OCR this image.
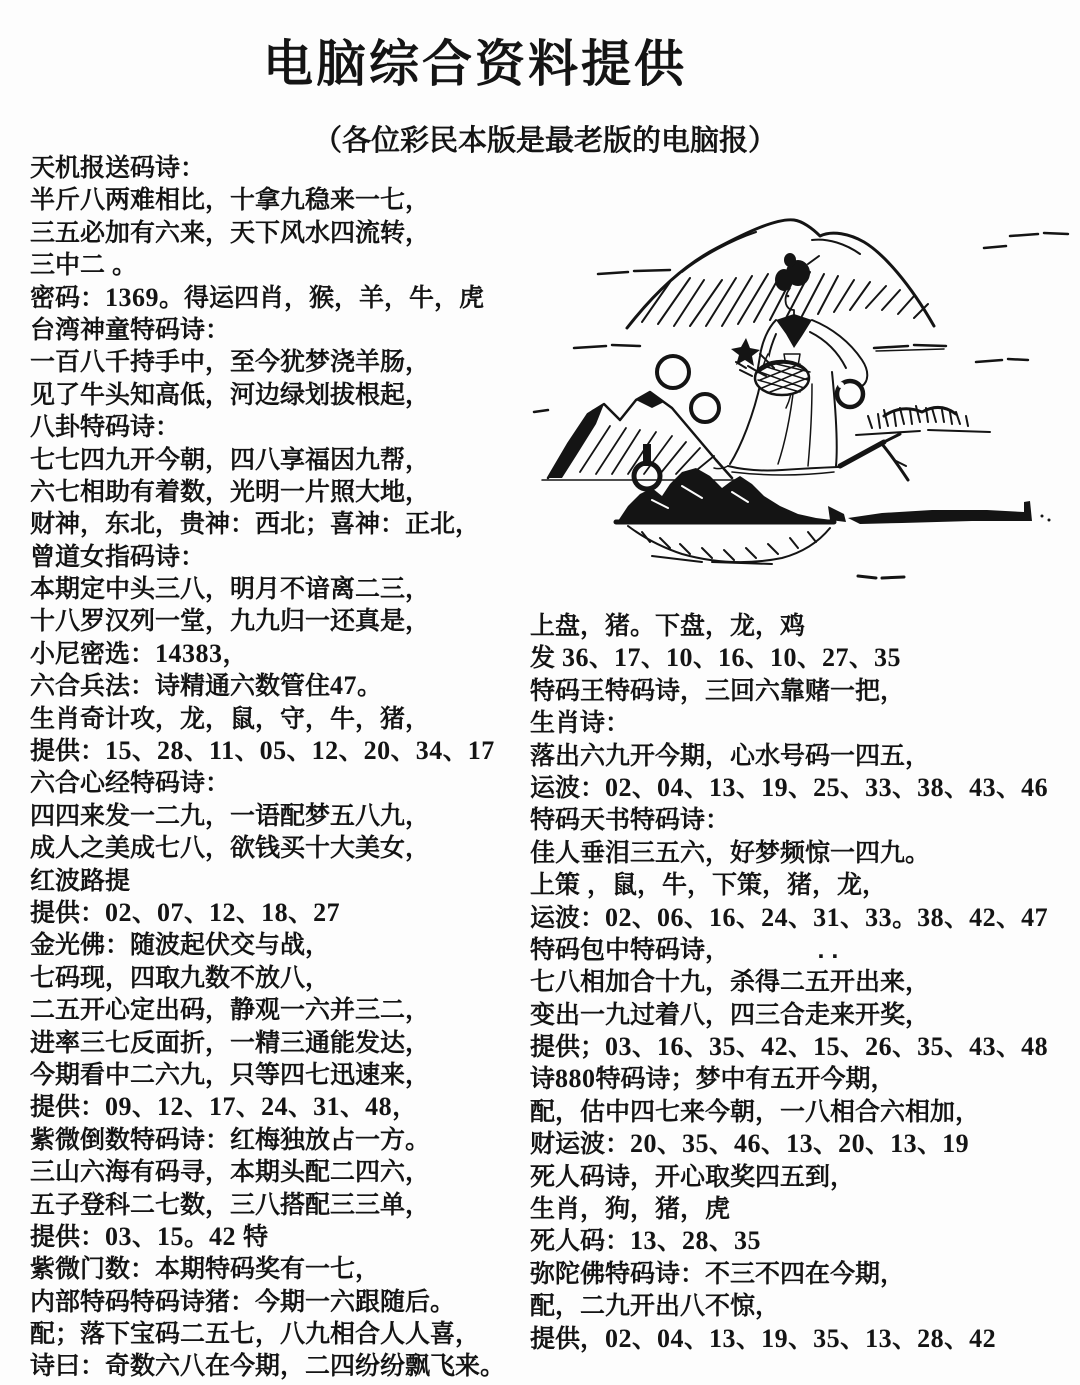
电脑综合资料提供
（各位彩民本版是最老版的电脑报）
天机报送码诗：
半斤八两难相比，十拿九稳来一七，
三五必加有六来，天下风水四流转，
三中二 。
密码：1369。得运四肖，猴，羊，牛，虎
台湾神童特码诗：
一百八千持手中，至今犹梦浇羊肠，
见了牛头知高低，河边绿划拔根起，
八卦特码诗：
七七四九开今朝，四八享福因九帮，
六七相助有着数，光明一片照大地，
财神，东北，贵神：西北；喜神：正北，
曾道女指码诗：
本期定中头三八，明月不谙离二三，
十八罗汉列一堂，九九归一还真是，
小尼密选：14383，
六合兵法：诗精通六数管住47。
生肖奇计攻，龙，鼠，守，牛，猪，
提供：15、28、11、05、12、20、34、17
六合心经特码诗：
四四来发一二九，一语配梦五八九，
成人之美成七八，欲钱买十大美女，
红波路提
提供：02、07、12、18、27
金光佛：随波起伏交与战，
七码现，四取九数不放八，
二五开心定出码，静观一六并三二，
进率三七反面折，一精三通能发达，
今期看中二六九，只等四七迅速来，
提供：09、12、17、24、31、48，
紫微倒数特码诗：红梅独放占一方。
三山六海有码寻，本期头配二四六，
五子登科二七数，三八搭配三三单，
提供：03、15。42 特
紫微门数：本期特码奖有一七，
内部特码特码诗猪：今期一六跟随后。
配；落下宝码二五七，八九相合人人喜，
诗曰：奇数六八在今期，二四纷纷飘飞来。
上盘，猪。下盘，龙，鸡
发 36、17、10、16、10、27、35
特码王特码诗，三回六靠赌一把，
生肖诗：
落出六九开今期，心水号码一四五，
运波：02、04、13、19、25、33、38、43、46
特码天书特码诗：
佳人垂泪三五六，好梦频惊一四九。
上策 ，鼠，牛，下策，猪，龙，
运波：02、06、16、24、31、33。38、42、47
特码包中特码诗，　　　　. .
七八相加合十九，杀得二五开出来，
变出一九过着八，四三合走来开奖，
提供；03、16、35、42、15、26、35、43、48
诗880特码诗；梦中有五开今期，
配，估中四七来今朝，一八相合六相加，
财运波：20、35、46、13、20、13、19
死人码诗，开心取奖四五到，
生肖，狗，猪，虎
死人码：13、28、35
弥陀佛特码诗：不三不四在今期，
配，二九开出八不惊，
提供，02、04、13、19、35、13、28、42
